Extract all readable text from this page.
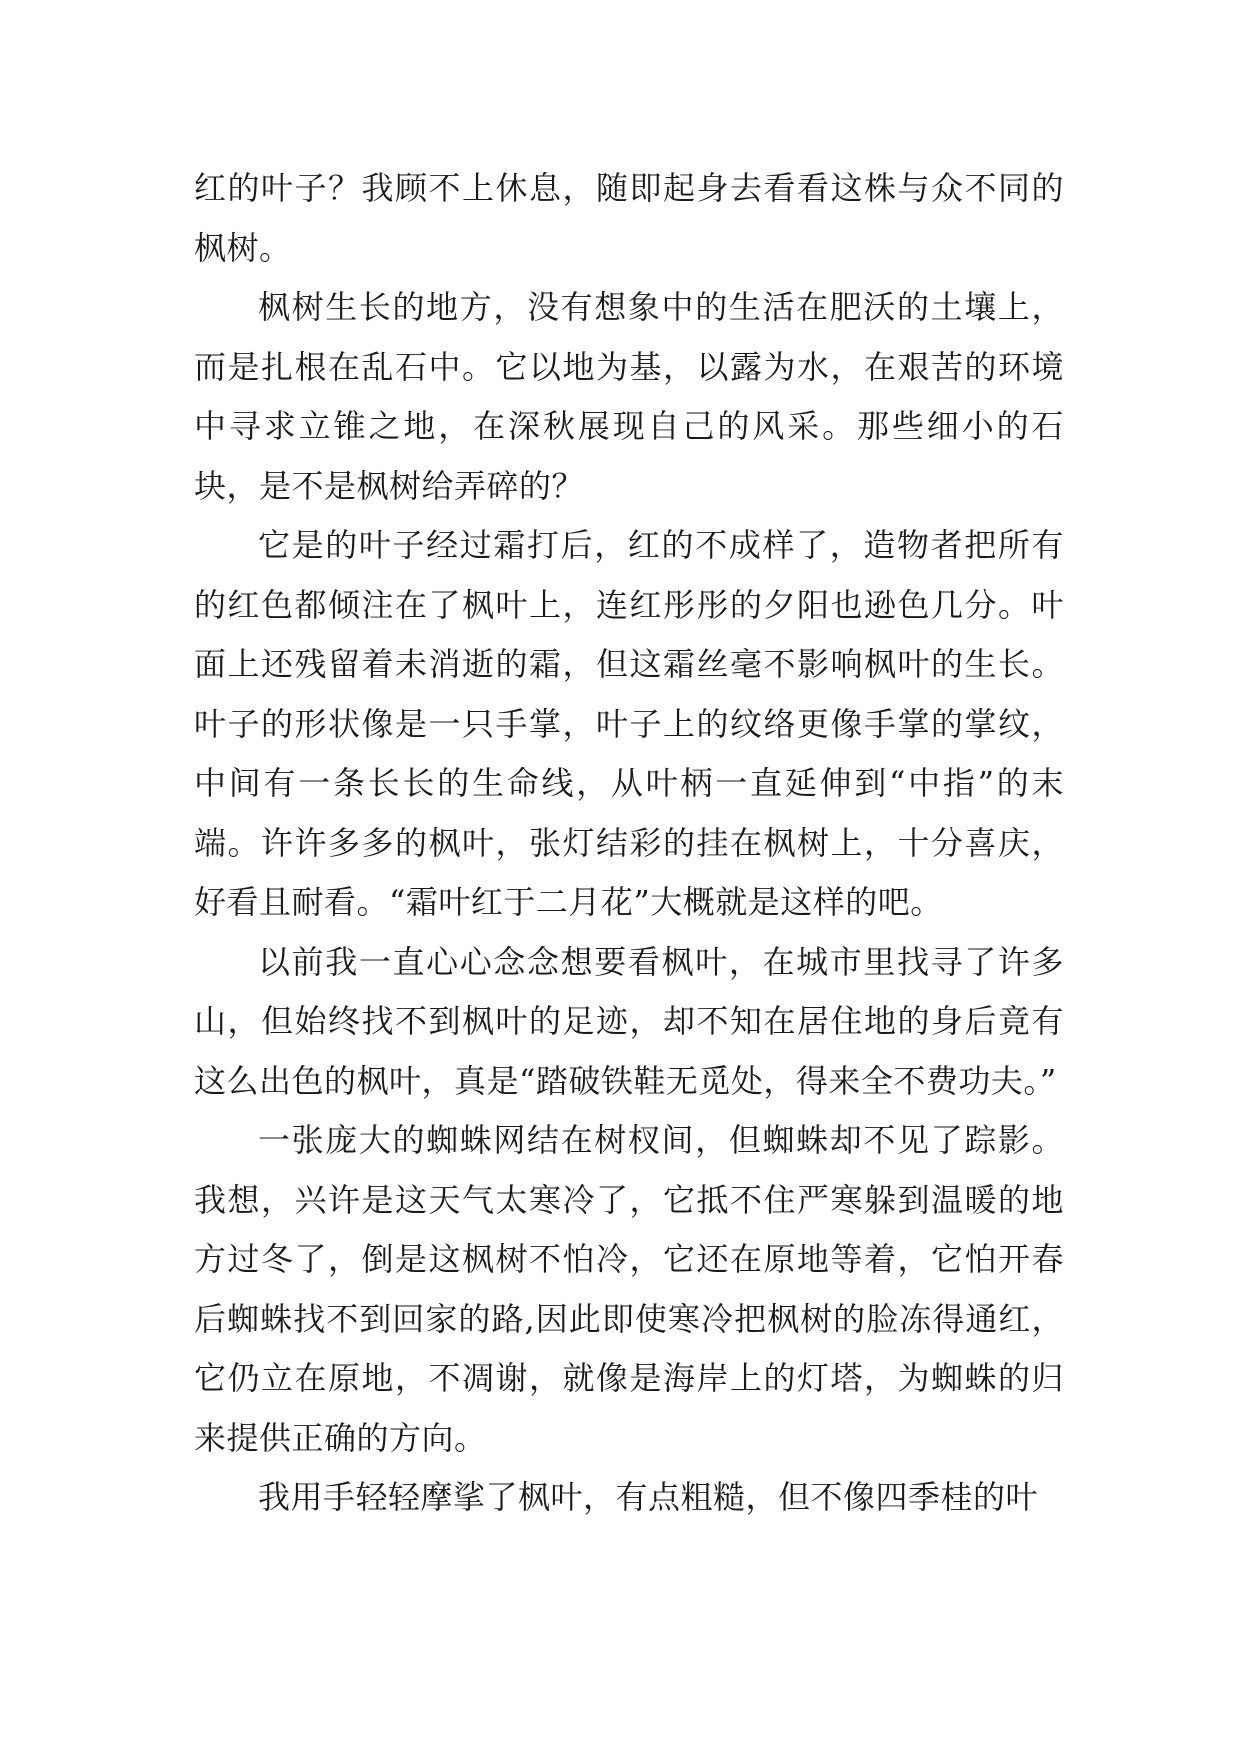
红的叶子？我顾不上休息，随即起身去看看这株与众不同的枫树。

枫树生长的地方，没有想象中的生活在肥沃的土壤上，而是扎根在乱石中。它以地为基，以露为水，在艰苦的环境中寻求立锥之地，在深秋展现自己的风采。那些细小的石块，是不是枫树给弄碎的？

它是的叶子经过霜打后，红的不成样了，造物者把所有的红色都倾注在了枫叶上，连红彤彤的夕阳也逊色几分。叶面上还残留着未消逝的霜，但这霜丝毫不影响枫叶的生长。叶子的形状像是一只手掌，叶子上的纹络更像手掌的掌纹，中间有一条长长的生命线，从叶柄一直延伸到“中指”的末端。许许多多的枫叶，张灯结彩的挂在枫树上，十分喜庆，好看且耐看。“霜叶红于二月花”大概就是这样的吧。

以前我一直心心念念想要看枫叶，在城市里找寻了许多山，但始终找不到枫叶的足迹，却不知在居住地的身后竟有这么出色的枫叶，真是“踏破铁鞋无觅处，得来全不费功夫。”

一张庞大的蜘蛛网结在树杈间，但蜘蛛却不见了踪影。我想，兴许是这天气太寒冷了，它抵不住严寒躲到温暖的地方过冬了，倒是这枫树不怕冷，它还在原地等着，它怕开春后蜘蛛找不到回家的路,因此即使寒冷把枫树的脸冻得通红，它仍立在原地，不凋谢，就像是海岸上的灯塔，为蜘蛛的归来提供正确的方向。

我用手轻轻摩挲了枫叶，有点粗糙，但不像四季桂的叶
